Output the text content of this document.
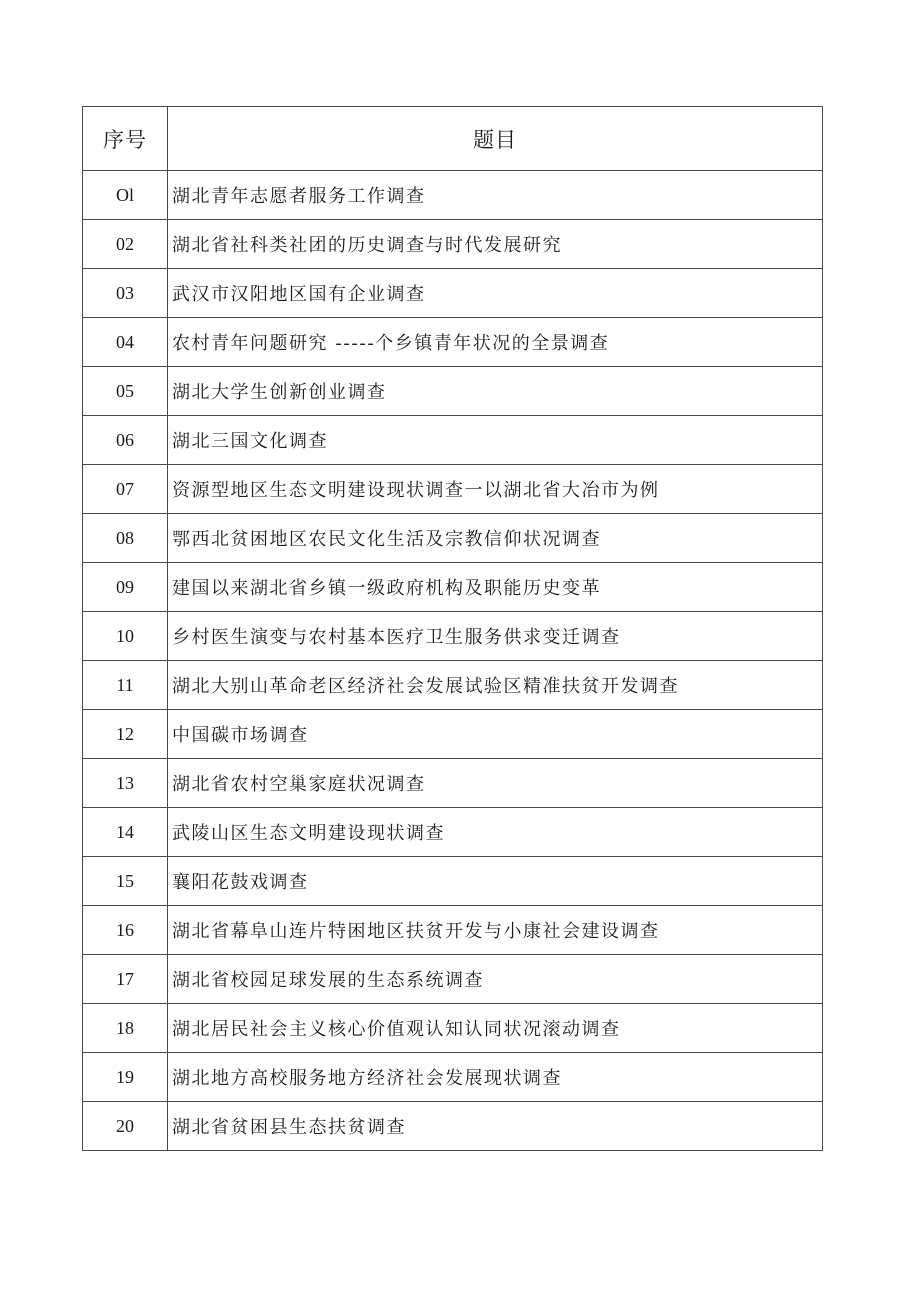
序号	题目
Ol	湖北青年志愿者服务工作调查
02	湖北省社科类社团的历史调查与时代发展研究
03	武汉市汉阳地区国有企业调查
04	农村青年问题研究 -----个乡镇青年状况的全景调查
05	湖北大学生创新创业调查
06	湖北三国文化调查
07	资源型地区生态文明建设现状调查一以湖北省大冶市为例
08	鄂西北贫困地区农民文化生活及宗教信仰状况调查
09	建国以来湖北省乡镇一级政府机构及职能历史变革
10	乡村医生演变与农村基本医疗卫生服务供求变迁调查
11	湖北大别山革命老区经济社会发展试验区精准扶贫开发调查
12	中国碳市场调查
13	湖北省农村空巢家庭状况调查
14	武陵山区生态文明建设现状调查
15	襄阳花鼓戏调查
16	湖北省幕阜山连片特困地区扶贫开发与小康社会建设调查
17	湖北省校园足球发展的生态系统调查
18	湖北居民社会主义核心价值观认知认同状况滚动调查
19	湖北地方高校服务地方经济社会发展现状调查
20	湖北省贫困县生态扶贫调查
